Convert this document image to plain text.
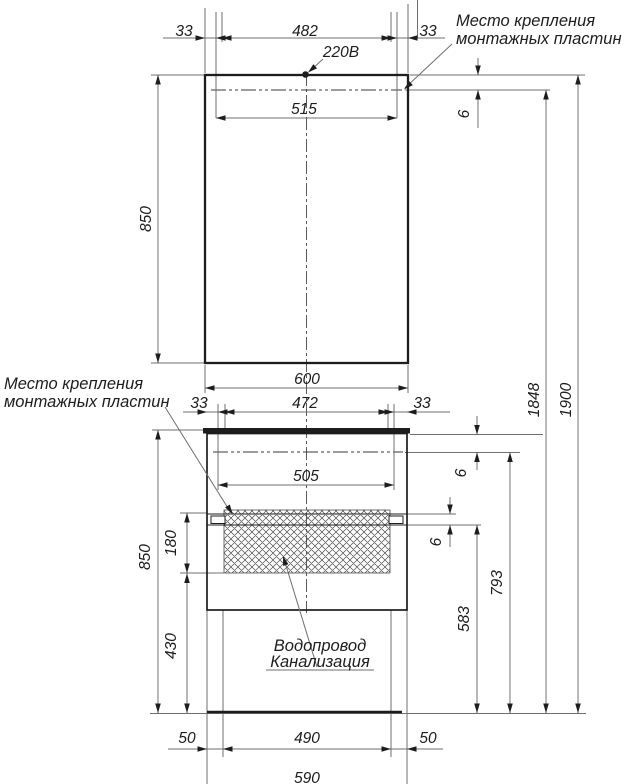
33	482	33
220В
515
850
6
1848 1900
600
33	472	33
505	6
6
793
583
180
430
850
50	490	50
590
Место крепления
монтажных пластин
Место крепления
монтажных пластин
Водопровод
Канализация
